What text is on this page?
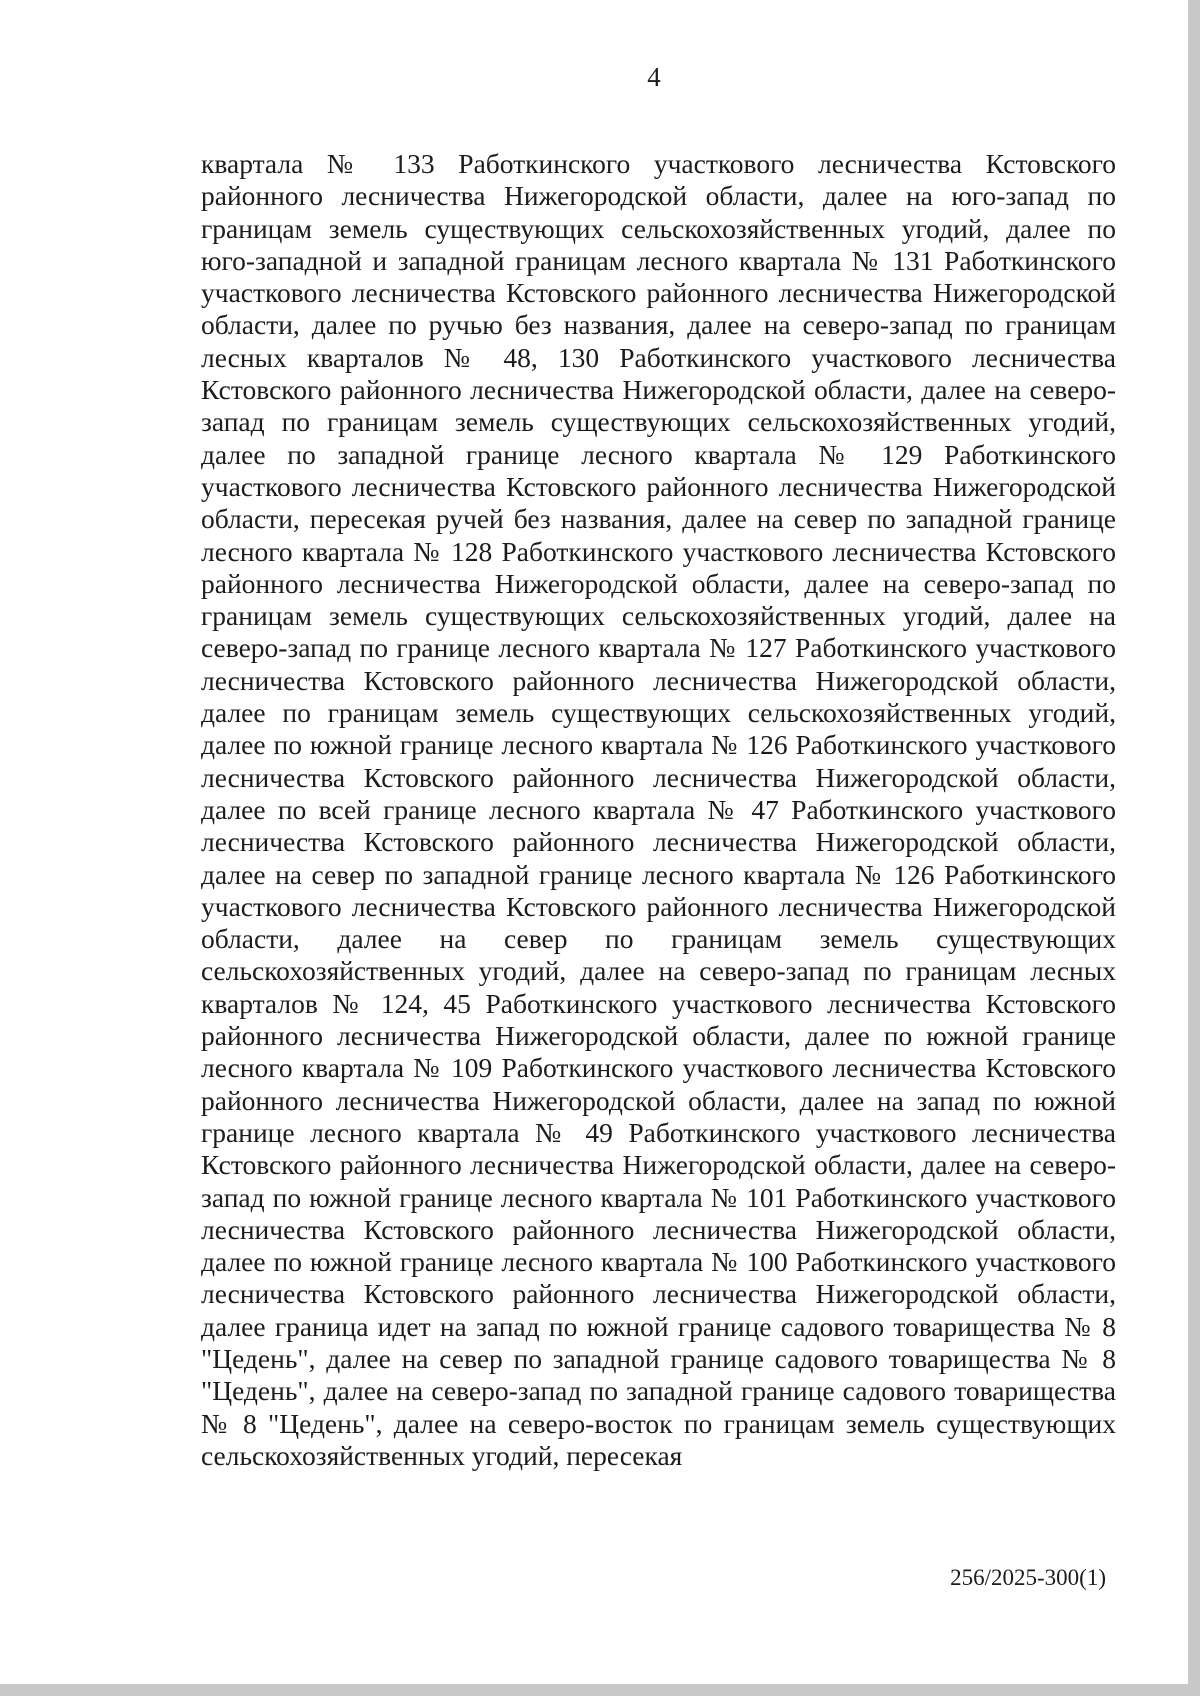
4

квартала № 133 Работкинского участкового лесничества Кстовского районного лесничества Нижегородской области, далее на юго-запад по границам земель существующих сельскохозяйственных угодий, далее по юго-западной и западной границам лесного квартала № 131 Работкинского участкового лесничества Кстовского районного лесничества Нижегородской области, далее по ручью без названия, далее на северо-запад по границам лесных кварталов № 48, 130 Работкинского участкового лесничества Кстовского районного лесничества Нижегородской области, далее на северо-запад по границам земель существующих сельскохозяйственных угодий, далее по западной границе лесного квартала № 129 Работкинского участкового лесничества Кстовского районного лесничества Нижегородской области, пересекая ручей без названия, далее на север по западной границе лесного квартала № 128 Работкинского участкового лесничества Кстовского районного лесничества Нижегородской области, далее на северо-запад по границам земель существующих сельскохозяйственных угодий, далее на северо-запад по границе лесного квартала № 127 Работкинского участкового лесничества Кстовского районного лесничества Нижегородской области, далее по границам земель существующих сельскохозяйственных угодий, далее по южной границе лесного квартала № 126 Работкинского участкового лесничества Кстовского районного лесничества Нижегородской области, далее по всей границе лесного квартала № 47 Работкинского участкового лесничества Кстовского районного лесничества Нижегородской области, далее на север по западной границе лесного квартала № 126 Работкинского участкового лесничества Кстовского районного лесничества Нижегородской области, далее на север по границам земель существующих сельскохозяйственных угодий, далее на северо-запад по границам лесных кварталов № 124, 45 Работкинского участкового лесничества Кстовского районного лесничества Нижегородской области, далее по южной границе лесного квартала № 109 Работкинского участкового лесничества Кстовского районного лесничества Нижегородской области, далее на запад по южной границе лесного квартала № 49 Работкинского участкового лесничества Кстовского районного лесничества Нижегородской области, далее на северо-запад по южной границе лесного квартала № 101 Работкинского участкового лесничества Кстовского районного лесничества Нижегородской области, далее по южной границе лесного квартала № 100 Работкинского участкового лесничества Кстовского районного лесничества Нижегородской области, далее граница идет на запад по южной границе садового товарищества № 8 "Цедень", далее на север по западной границе садового товарищества № 8 "Цедень", далее на северо-запад по западной границе садового товарищества № 8 "Цедень", далее на северо-восток по границам земель существующих сельскохозяйственных угодий, пересекая

256/2025-300(1)
